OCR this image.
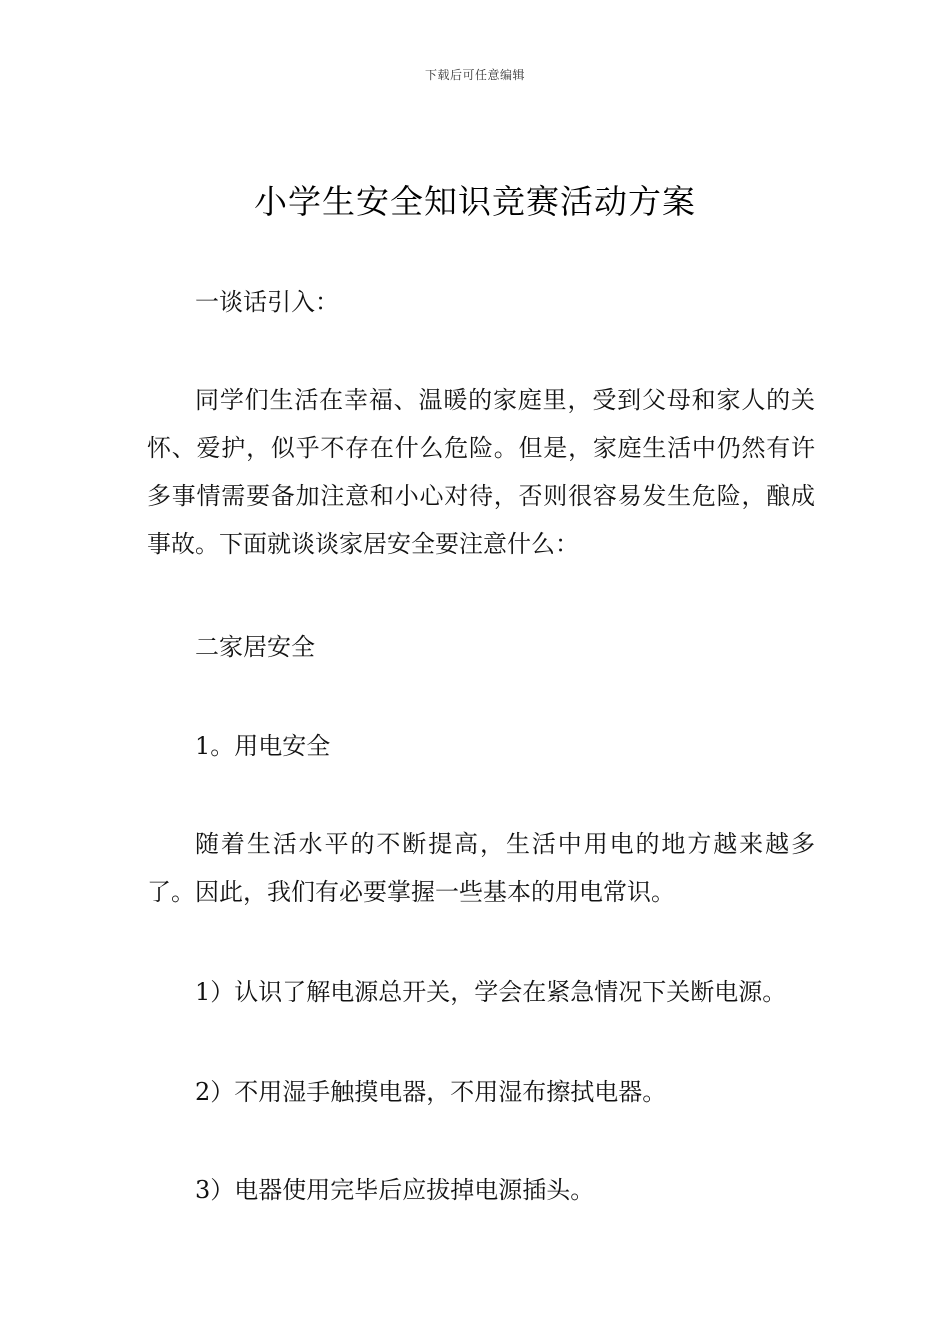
下载后可任意编辑
小学生安全知识竞赛活动方案

一谈话引入：

同学们生活在幸福、温暖的家庭里，受到父母和家人的关怀、爱护，似乎不存在什么危险。但是，家庭生活中仍然有许多事情需要备加注意和小心对待，否则很容易发生危险，酿成事故。下面就谈谈家居安全要注意什么：

二家居安全

1。用电安全

随着生活水平的不断提高，生活中用电的地方越来越多了。因此，我们有必要掌握一些基本的用电常识。

1）认识了解电源总开关，学会在紧急情况下关断电源。

2）不用湿手触摸电器，不用湿布擦拭电器。

3）电器使用完毕后应拔掉电源插头。
